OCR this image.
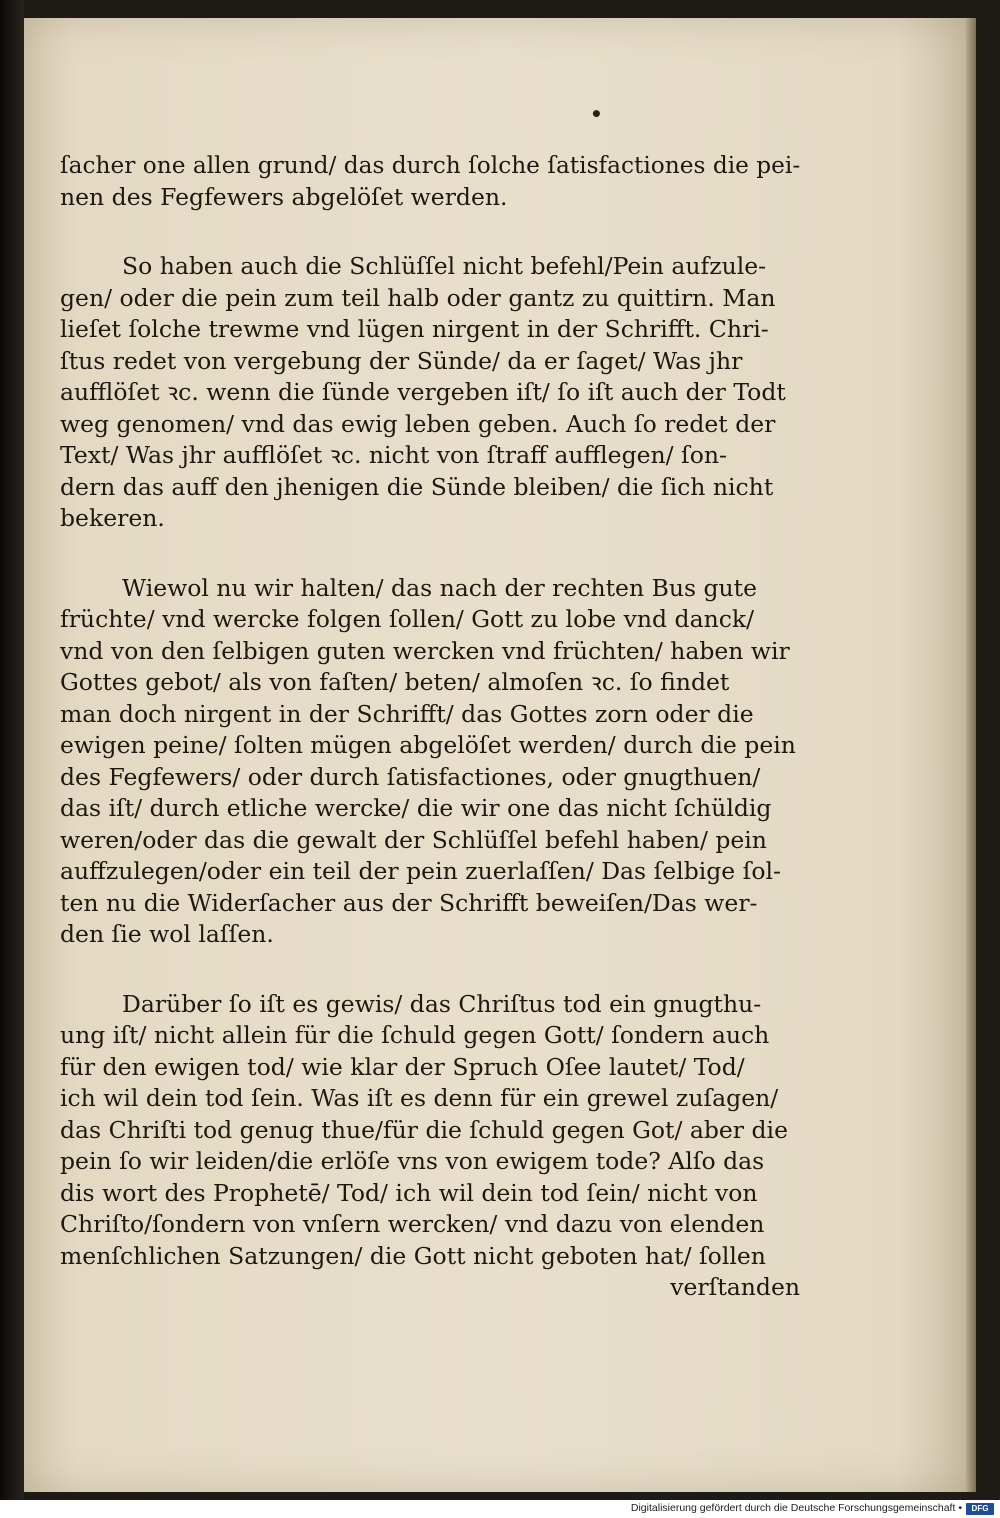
•
ſacher one allen grund/ das durch ſolche ſatisfactiones die pei-
nen des Fegfewers abgelöſet werden.
So haben auch die Schlüſſel nicht befehl/Pein aufzule-
gen/ oder die pein zum teil halb oder gantz zu quittirn. Man
lieſet ſolche trewme vnd lügen nirgent in der Schrifft. Chri-
ſtus redet von vergebung der Sünde/ da er ſaget/ Was jhr
aufflöſet ꝛc. wenn die ſünde vergeben iſt/ ſo iſt auch der Todt
weg genomen/ vnd das ewig leben geben. Auch ſo redet der
Text/ Was jhr aufflöſet ꝛc. nicht von ſtraff aufflegen/ ſon-
dern das auff den jhenigen die Sünde bleiben/ die ſich nicht
bekeren.
Wiewol nu wir halten/ das nach der rechten Bus gute
früchte/ vnd wercke folgen ſollen/ Gott zu lobe vnd danck/
vnd von den ſelbigen guten wercken vnd früchten/ haben wir
Gottes gebot/ als von faſten/ beten/ almoſen ꝛc. ſo findet
man doch nirgent in der Schrifft/ das Gottes zorn oder die
ewigen peine/ ſolten mügen abgelöſet werden/ durch die pein
des Fegfewers/ oder durch ſatisfactiones, oder gnugthuen/
das iſt/ durch etliche wercke/ die wir one das nicht ſchüldig
weren/oder das die gewalt der Schlüſſel befehl haben/ pein
auffzulegen/oder ein teil der pein zuerlaſſen/ Das ſelbige ſol-
ten nu die Widerſacher aus der Schrifft beweiſen/Das wer-
den ſie wol laſſen.
Darüber ſo iſt es gewis/ das Chriſtus tod ein gnugthu-
ung iſt/ nicht allein für die ſchuld gegen Gott/ ſondern auch
für den ewigen tod/ wie klar der Spruch Oſee lautet/ Tod/
ich wil dein tod ſein. Was iſt es denn für ein grewel zuſagen/
das Chriſti tod genug thue/für die ſchuld gegen Got/ aber die
pein ſo wir leiden/die erlöſe vns von ewigem tode? Alſo das
dis wort des Prophetē/ Tod/ ich wil dein tod ſein/ nicht von
Chriſto/ſondern von vnſern wercken/ vnd dazu von elenden
menſchlichen Satzungen/ die Gott nicht geboten hat/ ſollen
verſtanden
Digitalisierung gefördert durch die Deutsche Forschungsgemeinschaft •	DFG
